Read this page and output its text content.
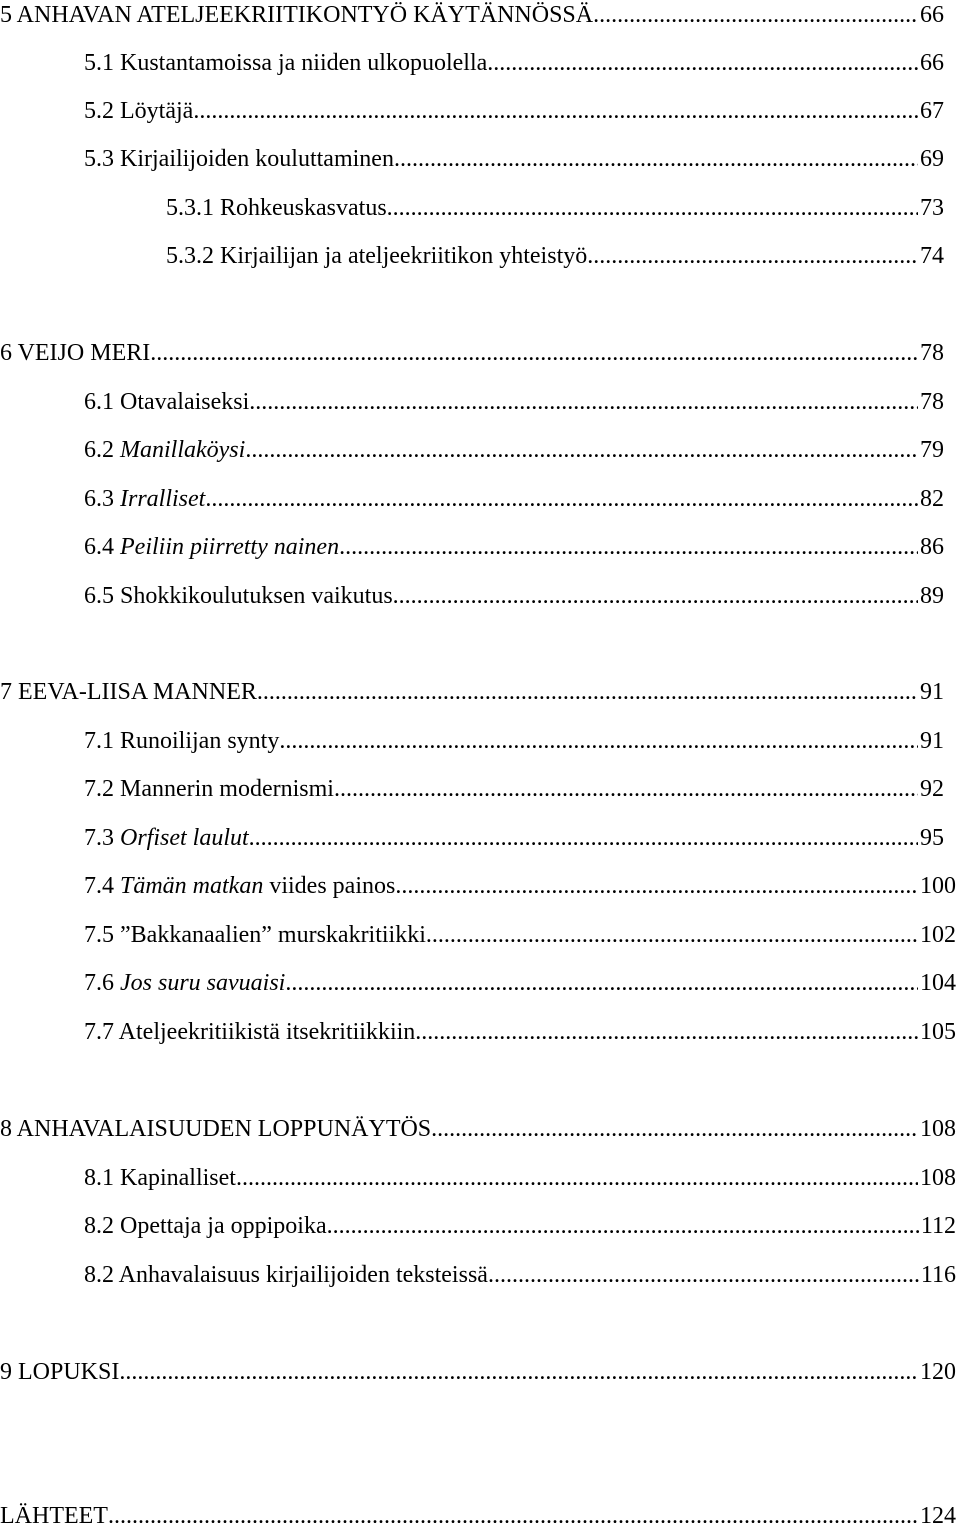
5 ANHAVAN ATELJEEKRIITIKONTYÖ KÄYTÄNNÖSSÄ .....	66
5.1 Kustantamoissa ja niiden ulkopuolella .....	66
5.2 Löytäjä .....	67
5.3 Kirjailijoiden kouluttaminen .....	69
5.3.1 Rohkeuskasvatus .....	73
5.3.2 Kirjailijan ja ateljeekriitikon yhteistyö .....	74
6 VEIJO MERI .....	78
6.1 Otavalaiseksi .....	78
6.2 Manillaköysi .....	79
6.3 Irralliset .....	82
6.4 Peiliin piirretty nainen .....	86
6.5 Shokkikoulutuksen vaikutus .....	89
7 EEVA-LIISA MANNER .....	91
7.1 Runoilijan synty .....	91
7.2 Mannerin modernismi .....	92
7.3 Orfiset laulut .....	95
7.4 Tämän matkan viides painos .....	100
7.5 ”Bakkanaalien” murskakritiikki .....	102
7.6 Jos suru savuaisi .....	104
7.7 Ateljeekritiikistä itsekritiikkiin .....	105
8 ANHAVALAISUUDEN LOPPUNÄYTÖS .....	108
8.1 Kapinalliset .....	108
8.2 Opettaja ja oppipoika .....	112
8.2 Anhavalaisuus kirjailijoiden teksteissä .....	116
9 LOPUKSI .....	120
LÄHTEET .....	124
